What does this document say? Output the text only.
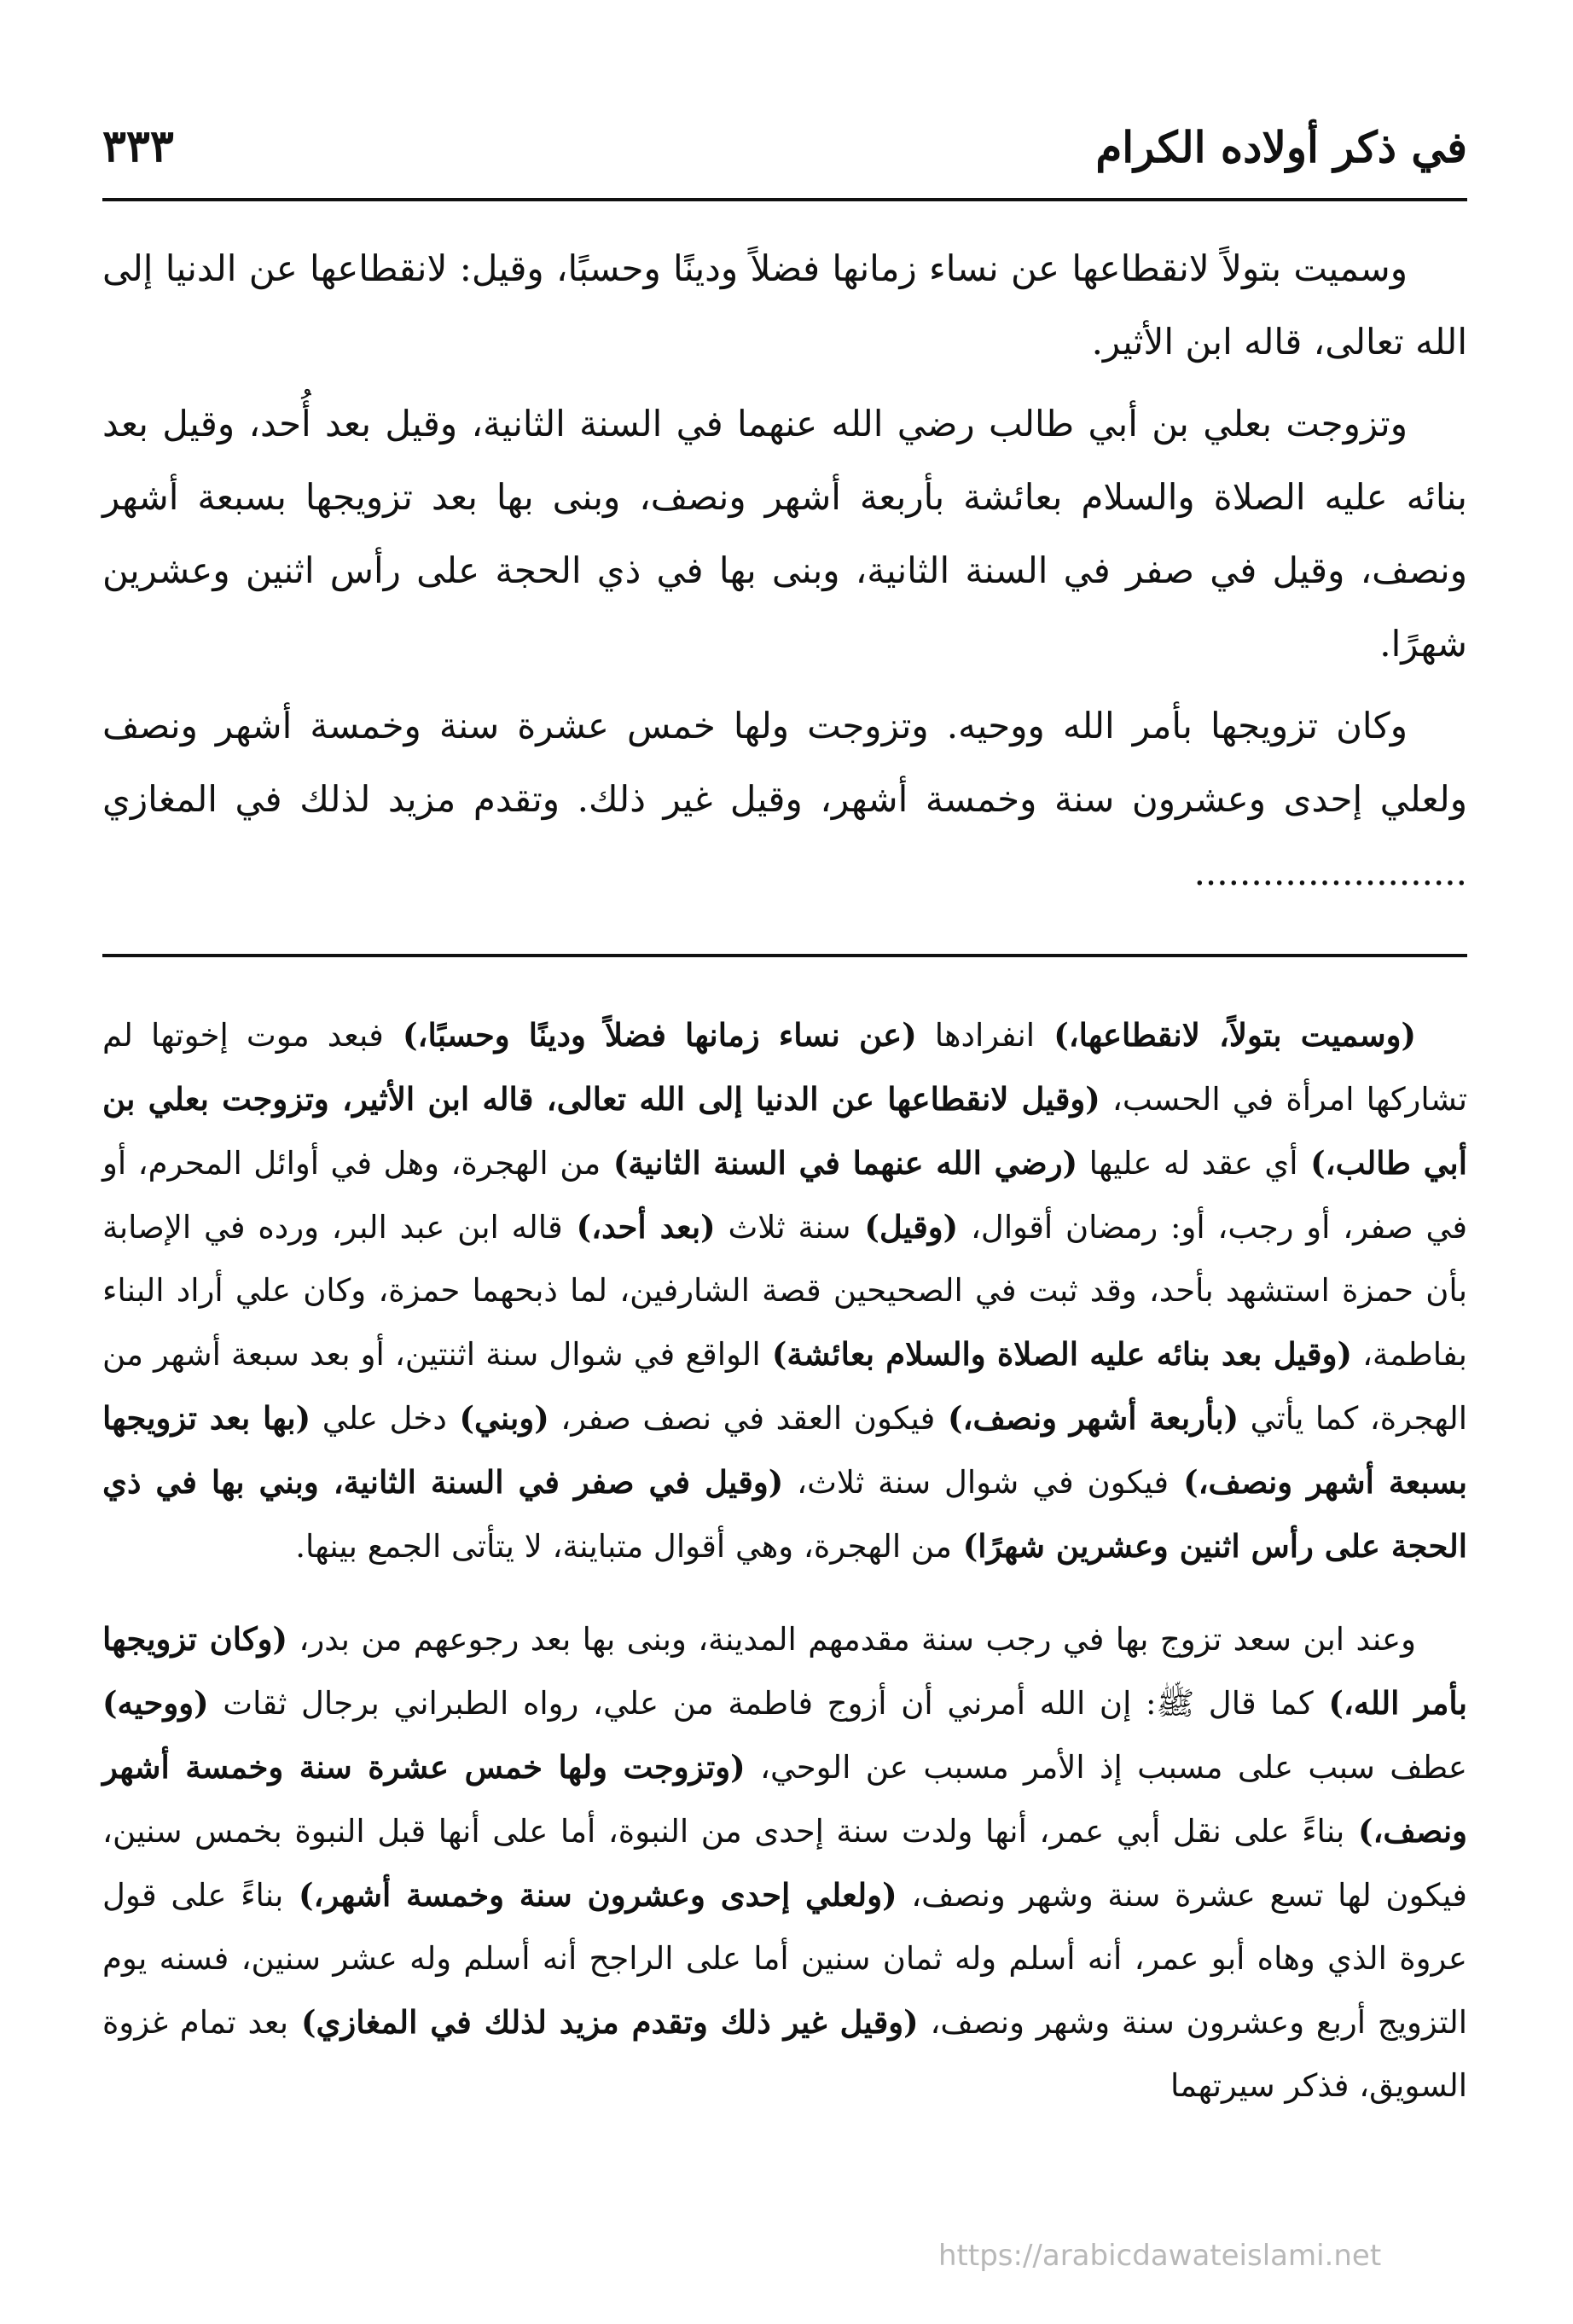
في ذكر أولاده الكرام
٣٣٣

وسميت بتولاً لانقطاعها عن نساء زمانها فضلاً ودينًا وحسبًا، وقيل: لانقطاعها عن الدنيا إلى الله تعالى، قاله ابن الأثير.

وتزوجت بعلي بن أبي طالب رضي الله عنهما في السنة الثانية، وقيل بعد أُحد، وقيل بعد بنائه عليه الصلاة والسلام بعائشة بأربعة أشهر ونصف، وبنى بها بعد تزويجها بسبعة أشهر ونصف، وقيل في صفر في السنة الثانية، وبنى بها في ذي الحجة على رأس اثنين وعشرين شهرًا.

وكان تزويجها بأمر الله ووحيه. وتزوجت ولها خمس عشرة سنة وخمسة أشهر ونصف ولعلي إحدى وعشرون سنة وخمسة أشهر، وقيل غير ذلك. وتقدم مزيد لذلك في المغازي ........................

(وسميت بتولاً، لانقطاعها،) انفرادها (عن نساء زمانها فضلاً ودينًا وحسبًا،) فبعد موت إخوتها لم تشاركها امرأة في الحسب، (وقيل لانقطاعها عن الدنيا إلى الله تعالى، قاله ابن الأثير، وتزوجت بعلي بن أبي طالب،) أي عقد له عليها (رضي الله عنهما في السنة الثانية) من الهجرة، وهل في أوائل المحرم، أو في صفر، أو رجب، أو: رمضان أقوال، (وقيل) سنة ثلاث (بعد أحد،) قاله ابن عبد البر، ورده في الإصابة بأن حمزة استشهد بأحد، وقد ثبت في الصحيحين قصة الشارفين، لما ذبحهما حمزة، وكان علي أراد البناء بفاطمة، (وقيل بعد بنائه عليه الصلاة والسلام بعائشة) الواقع في شوال سنة اثنتين، أو بعد سبعة أشهر من الهجرة، كما يأتي (بأربعة أشهر ونصف،) فيكون العقد في نصف صفر، (وبني) دخل علي (بها بعد تزويجها بسبعة أشهر ونصف،) فيكون في شوال سنة ثلاث، (وقيل في صفر في السنة الثانية، وبني بها في ذي الحجة على رأس اثنين وعشرين شهرًا) من الهجرة، وهي أقوال متباينة، لا يتأتى الجمع بينها.

وعند ابن سعد تزوج بها في رجب سنة مقدمهم المدينة، وبنى بها بعد رجوعهم من بدر، (وكان تزويجها بأمر الله،) كما قال ﷺ: إن الله أمرني أن أزوج فاطمة من علي، رواه الطبراني برجال ثقات (ووحيه) عطف سبب على مسبب إذ الأمر مسبب عن الوحي، (وتزوجت ولها خمس عشرة سنة وخمسة أشهر ونصف،) بناءً على نقل أبي عمر، أنها ولدت سنة إحدى من النبوة، أما على أنها قبل النبوة بخمس سنين، فيكون لها تسع عشرة سنة وشهر ونصف، (ولعلي إحدى وعشرون سنة وخمسة أشهر،) بناءً على قول عروة الذي وهاه أبو عمر، أنه أسلم وله ثمان سنين أما على الراجح أنه أسلم وله عشر سنين، فسنه يوم التزويج أربع وعشرون سنة وشهر ونصف، (وقيل غير ذلك وتقدم مزيد لذلك في المغازي) بعد تمام غزوة السويق، فذكر سيرتهما

https://arabicdawateislami.net
